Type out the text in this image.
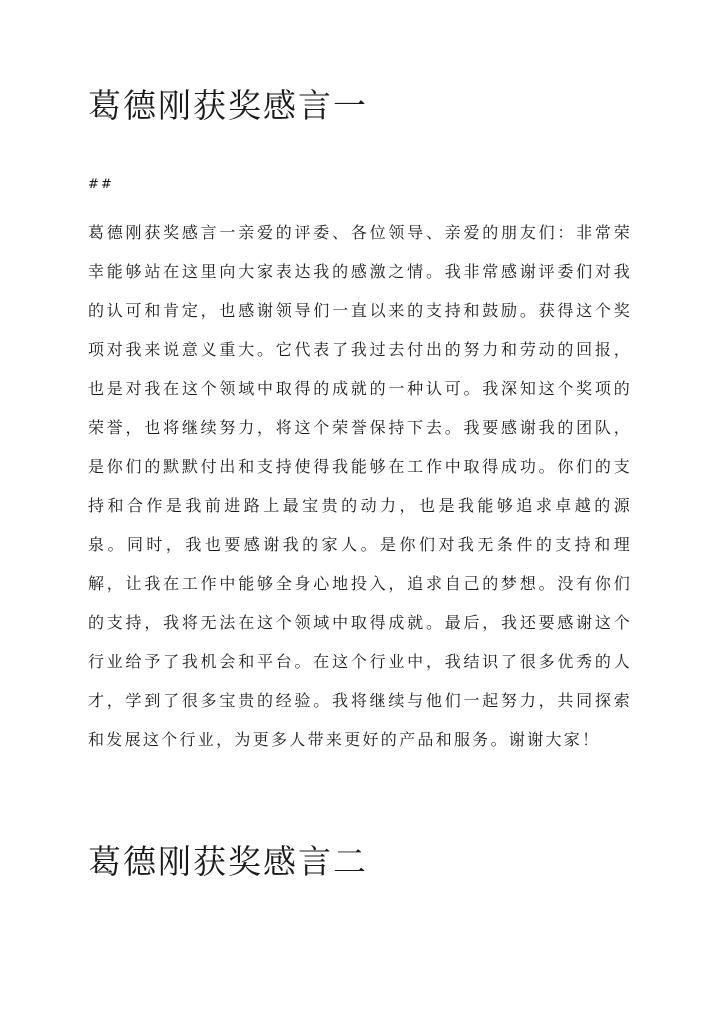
葛德刚获奖感言一
##

葛德刚获奖感言一亲爱的评委、各位领导、亲爱的朋友们：非常荣幸能够站在这里向大家表达我的感激之情。我非常感谢评委们对我的认可和肯定，也感谢领导们一直以来的支持和鼓励。获得这个奖项对我来说意义重大。它代表了我过去付出的努力和劳动的回报，也是对我在这个领域中取得的成就的一种认可。我深知这个奖项的荣誉，也将继续努力，将这个荣誉保持下去。我要感谢我的团队，是你们的默默付出和支持使得我能够在工作中取得成功。你们的支持和合作是我前进路上最宝贵的动力，也是我能够追求卓越的源泉。同时，我也要感谢我的家人。是你们对我无条件的支持和理解，让我在工作中能够全身心地投入，追求自己的梦想。没有你们的支持，我将无法在这个领域中取得成就。最后，我还要感谢这个行业给予了我机会和平台。在这个行业中，我结识了很多优秀的人才，学到了很多宝贵的经验。我将继续与他们一起努力，共同探索和发展这个行业，为更多人带来更好的产品和服务。谢谢大家！

葛德刚获奖感言二
